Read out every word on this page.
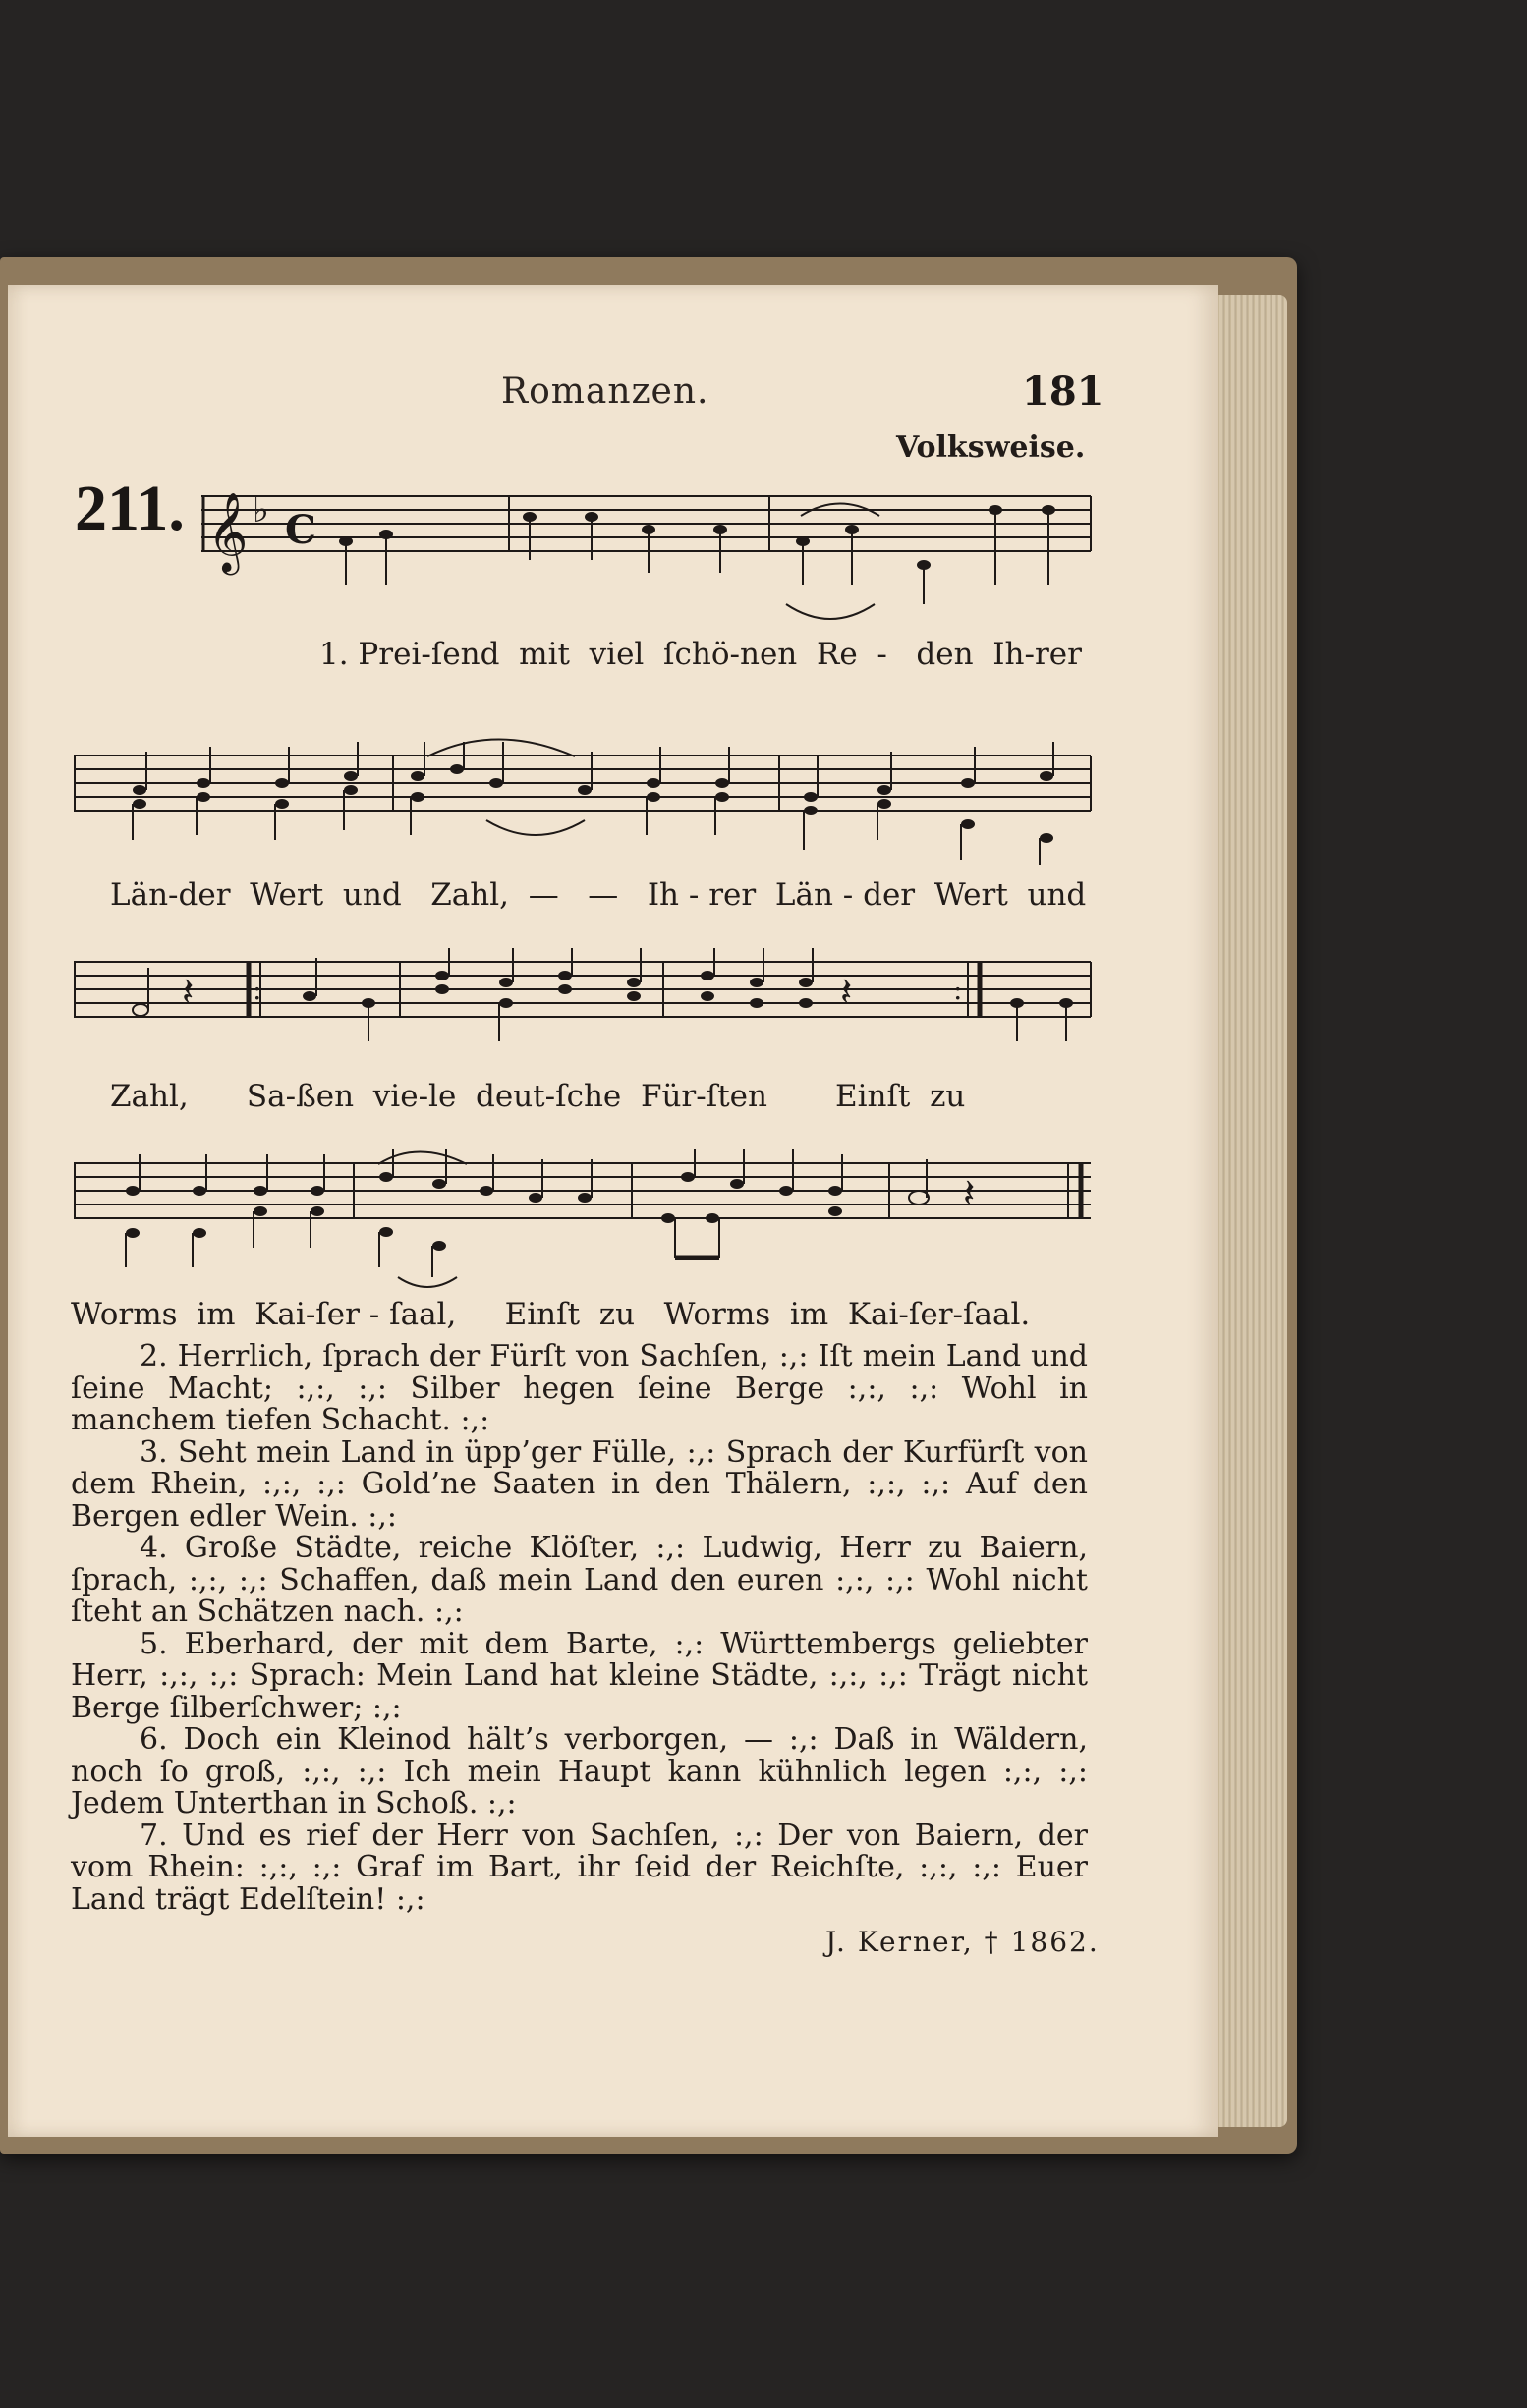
Romanzen.	181
Volksweise.
211. 𝄞 ♭ C
1. Prei-ſend  mit  viel  ſchö-nen  Re  -   den  Ih-rer
Län-der  Wert  und   Zahl,  —   —   Ih - rer  Län - der  Wert  und
𝄽	𝄽
:	:
Zahl,      Sa-ßen  vie-le  deut-ſche  Für-ſten       Einſt  zu
𝄽
Worms  im  Kai-ſer - ſaal,     Einſt  zu   Worms  im  Kai-ſer-ſaal.

2. Herrlich, ſprach der Fürſt von Sachſen, :,: Iſt mein Land und ſeine Macht; :,:, :,: Silber hegen ſeine Berge :,:, :,: Wohl in manchem tiefen Schacht. :,:

3. Seht mein Land in üpp’ger Fülle, :,: Sprach der Kurfürſt von dem Rhein, :,:, :,: Gold’ne Saaten in den Thälern, :,:, :,: Auf den Bergen edler Wein. :,:

4. Große Städte, reiche Klöſter, :,: Ludwig, Herr zu Baiern, ſprach, :,:, :,: Schaffen, daß mein Land den euren :,:, :,: Wohl nicht ſteht an Schätzen nach. :,:

5. Eberhard, der mit dem Barte, :,: Württembergs geliebter Herr, :,:, :,: Sprach: Mein Land hat kleine Städte, :,:, :,: Trägt nicht Berge ſilberſchwer; :,:

6. Doch ein Kleinod hält’s verborgen, — :,: Daß in Wäldern, noch ſo groß, :,:, :,: Ich mein Haupt kann kühnlich legen :,:, :,: Jedem Unterthan in Schoß. :,:

7. Und es rief der Herr von Sachſen, :,: Der von Baiern, der vom Rhein: :,:, :,: Graf im Bart, ihr ſeid der Reichſte, :,:, :,: Euer Land trägt Edelſtein! :,:

J. Kerner, † 1862.
